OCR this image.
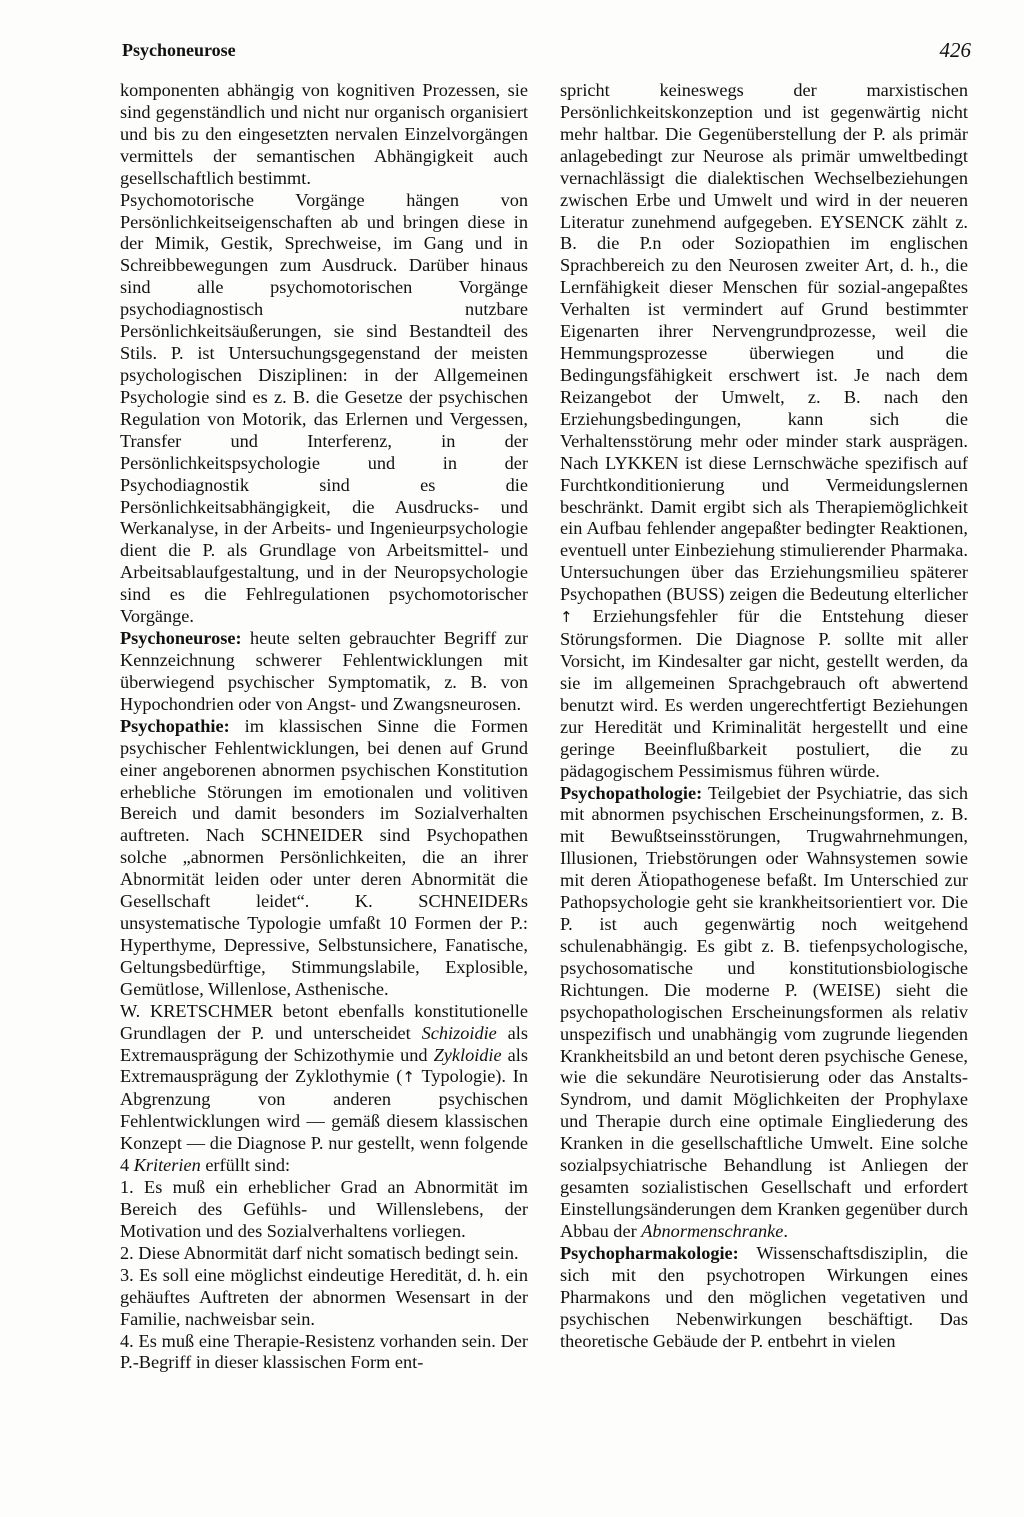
Psychoneurose	426

komponenten abhängig von kognitiven Prozessen, sie sind gegenständlich und nicht nur organisch organisiert und bis zu den eingesetzten nervalen Einzelvorgängen vermittels der semantischen Abhängigkeit auch gesellschaftlich bestimmt.

Psychomotorische Vorgänge hängen von Persönlichkeitseigenschaften ab und bringen diese in der Mimik, Gestik, Sprechweise, im Gang und in Schreibbewegungen zum Ausdruck. Darüber hinaus sind alle psychomotorischen Vorgänge psychodiagnostisch nutzbare Persönlichkeitsäußerungen, sie sind Bestandteil des Stils. P. ist Untersuchungsgegenstand der meisten psychologischen Disziplinen: in der Allgemeinen Psychologie sind es z. B. die Gesetze der psychischen Regulation von Motorik, das Erlernen und Vergessen, Transfer und Interferenz, in der Persönlichkeitspsychologie und in der Psychodiagnostik sind es die Persönlichkeitsabhängigkeit, die Ausdrucks- und Werkanalyse, in der Arbeits- und Ingenieurpsychologie dient die P. als Grundlage von Arbeitsmittel- und Arbeitsablaufgestaltung, und in der Neuropsychologie sind es die Fehlregulationen psychomotorischer Vorgänge.

Psychoneurose: heute selten gebrauchter Begriff zur Kennzeichnung schwerer Fehlentwicklungen mit überwiegend psychischer Symptomatik, z. B. von Hypochondrien oder von Angst- und Zwangsneurosen.

Psychopathie: im klassischen Sinne die Formen psychischer Fehlentwicklungen, bei denen auf Grund einer angeborenen abnormen psychischen Konstitution erhebliche Störungen im emotionalen und volitiven Bereich und damit besonders im Sozialverhalten auftreten. Nach SCHNEIDER sind Psychopathen solche „abnormen Persönlichkeiten, die an ihrer Abnormität leiden oder unter deren Abnormität die Gesellschaft leidet“. K. SCHNEIDERs unsystematische Typologie umfaßt 10 Formen der P.: Hyperthyme, Depressive, Selbstunsichere, Fanatische, Geltungsbedürftige, Stimmungslabile, Explosible, Gemütlose, Willenlose, Asthenische.

W. KRETSCHMER betont ebenfalls konstitutionelle Grundlagen der P. und unterscheidet Schizoidie als Extremausprägung der Schizothymie und Zykloidie als Extremausprägung der Zyklothymie (↑ Typologie). In Abgrenzung von anderen psychischen Fehlentwicklungen wird — gemäß diesem klassischen Konzept — die Diagnose P. nur gestellt, wenn folgende 4 Kriterien erfüllt sind:

1. Es muß ein erheblicher Grad an Abnormität im Bereich des Gefühls- und Willenslebens, der Motivation und des Sozialverhaltens vorliegen.

2. Diese Abnormität darf nicht somatisch bedingt sein.

3. Es soll eine möglichst eindeutige Heredität, d. h. ein gehäuftes Auftreten der abnormen Wesensart in der Familie, nachweisbar sein.

4. Es muß eine Therapie-Resistenz vorhanden sein. Der P.-Begriff in dieser klassischen Form ent-

spricht keineswegs der marxistischen Persönlichkeitskonzeption und ist gegenwärtig nicht mehr haltbar. Die Gegenüberstellung der P. als primär anlagebedingt zur Neurose als primär umweltbedingt vernachlässigt die dialektischen Wechselbeziehungen zwischen Erbe und Umwelt und wird in der neueren Literatur zunehmend aufgegeben. EYSENCK zählt z. B. die P.n oder Soziopathien im englischen Sprachbereich zu den Neurosen zweiter Art, d. h., die Lernfähigkeit dieser Menschen für sozial-angepaßtes Verhalten ist vermindert auf Grund bestimmter Eigenarten ihrer Nervengrundprozesse, weil die Hemmungsprozesse überwiegen und die Bedingungsfähigkeit erschwert ist. Je nach dem Reizangebot der Umwelt, z. B. nach den Erziehungsbedingungen, kann sich die Verhaltensstörung mehr oder minder stark ausprägen. Nach LYKKEN ist diese Lernschwäche spezifisch auf Furchtkonditionierung und Vermeidungslernen beschränkt. Damit ergibt sich als Therapiemöglichkeit ein Aufbau fehlender angepaßter bedingter Reaktionen, eventuell unter Einbeziehung stimulierender Pharmaka. Untersuchungen über das Erziehungsmilieu späterer Psychopathen (BUSS) zeigen die Bedeutung elterlicher ↑ Erziehungsfehler für die Entstehung dieser Störungsformen. Die Diagnose P. sollte mit aller Vorsicht, im Kindesalter gar nicht, gestellt werden, da sie im allgemeinen Sprachgebrauch oft abwertend benutzt wird. Es werden ungerechtfertigt Beziehungen zur Heredität und Kriminalität hergestellt und eine geringe Beeinflußbarkeit postuliert, die zu pädagogischem Pessimismus führen würde.

Psychopathologie: Teilgebiet der Psychiatrie, das sich mit abnormen psychischen Erscheinungsformen, z. B. mit Bewußtseinsstörungen, Trugwahrnehmungen, Illusionen, Triebstörungen oder Wahnsystemen sowie mit deren Ätiopathogenese befaßt. Im Unterschied zur Pathopsychologie geht sie krankheitsorientiert vor. Die P. ist auch gegenwärtig noch weitgehend schulenabhängig. Es gibt z. B. tiefenpsychologische, psychosomatische und konstitutionsbiologische Richtungen. Die moderne P. (WEISE) sieht die psychopathologischen Erscheinungsformen als relativ unspezifisch und unabhängig vom zugrunde liegenden Krankheitsbild an und betont deren psychische Genese, wie die sekundäre Neurotisierung oder das Anstalts-Syndrom, und damit Möglichkeiten der Prophylaxe und Therapie durch eine optimale Eingliederung des Kranken in die gesellschaftliche Umwelt. Eine solche sozialpsychiatrische Behandlung ist Anliegen der gesamten sozialistischen Gesellschaft und erfordert Einstellungsänderungen dem Kranken gegenüber durch Abbau der Abnormenschranke.

Psychopharmakologie: Wissenschaftsdisziplin, die sich mit den psychotropen Wirkungen eines Pharmakons und den möglichen vegetativen und psychischen Nebenwirkungen beschäftigt. Das theoretische Gebäude der P. entbehrt in vielen
